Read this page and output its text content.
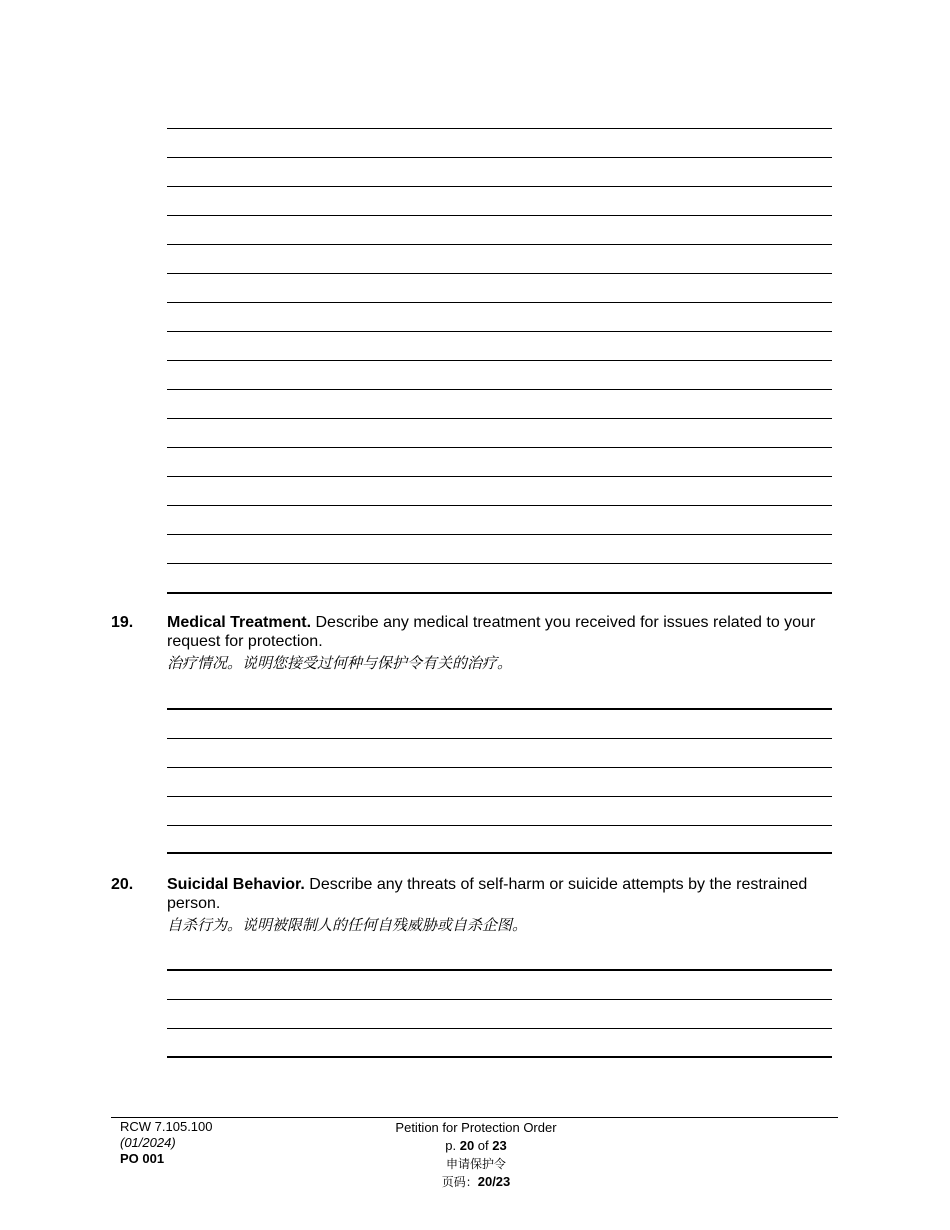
19. Medical Treatment. Describe any medical treatment you received for issues related to your request for protection.
治疗情况。说明您接受过何种与保护令有关的治疗。
20. Suicidal Behavior. Describe any threats of self-harm or suicide attempts by the restrained person.
自杀行为。说明被限制人的任何自残威胁或自杀企图。
RCW 7.105.100
(01/2024)
PO 001
Petition for Protection Order
p. 20 of 23
申请保护令
页码：20/23
